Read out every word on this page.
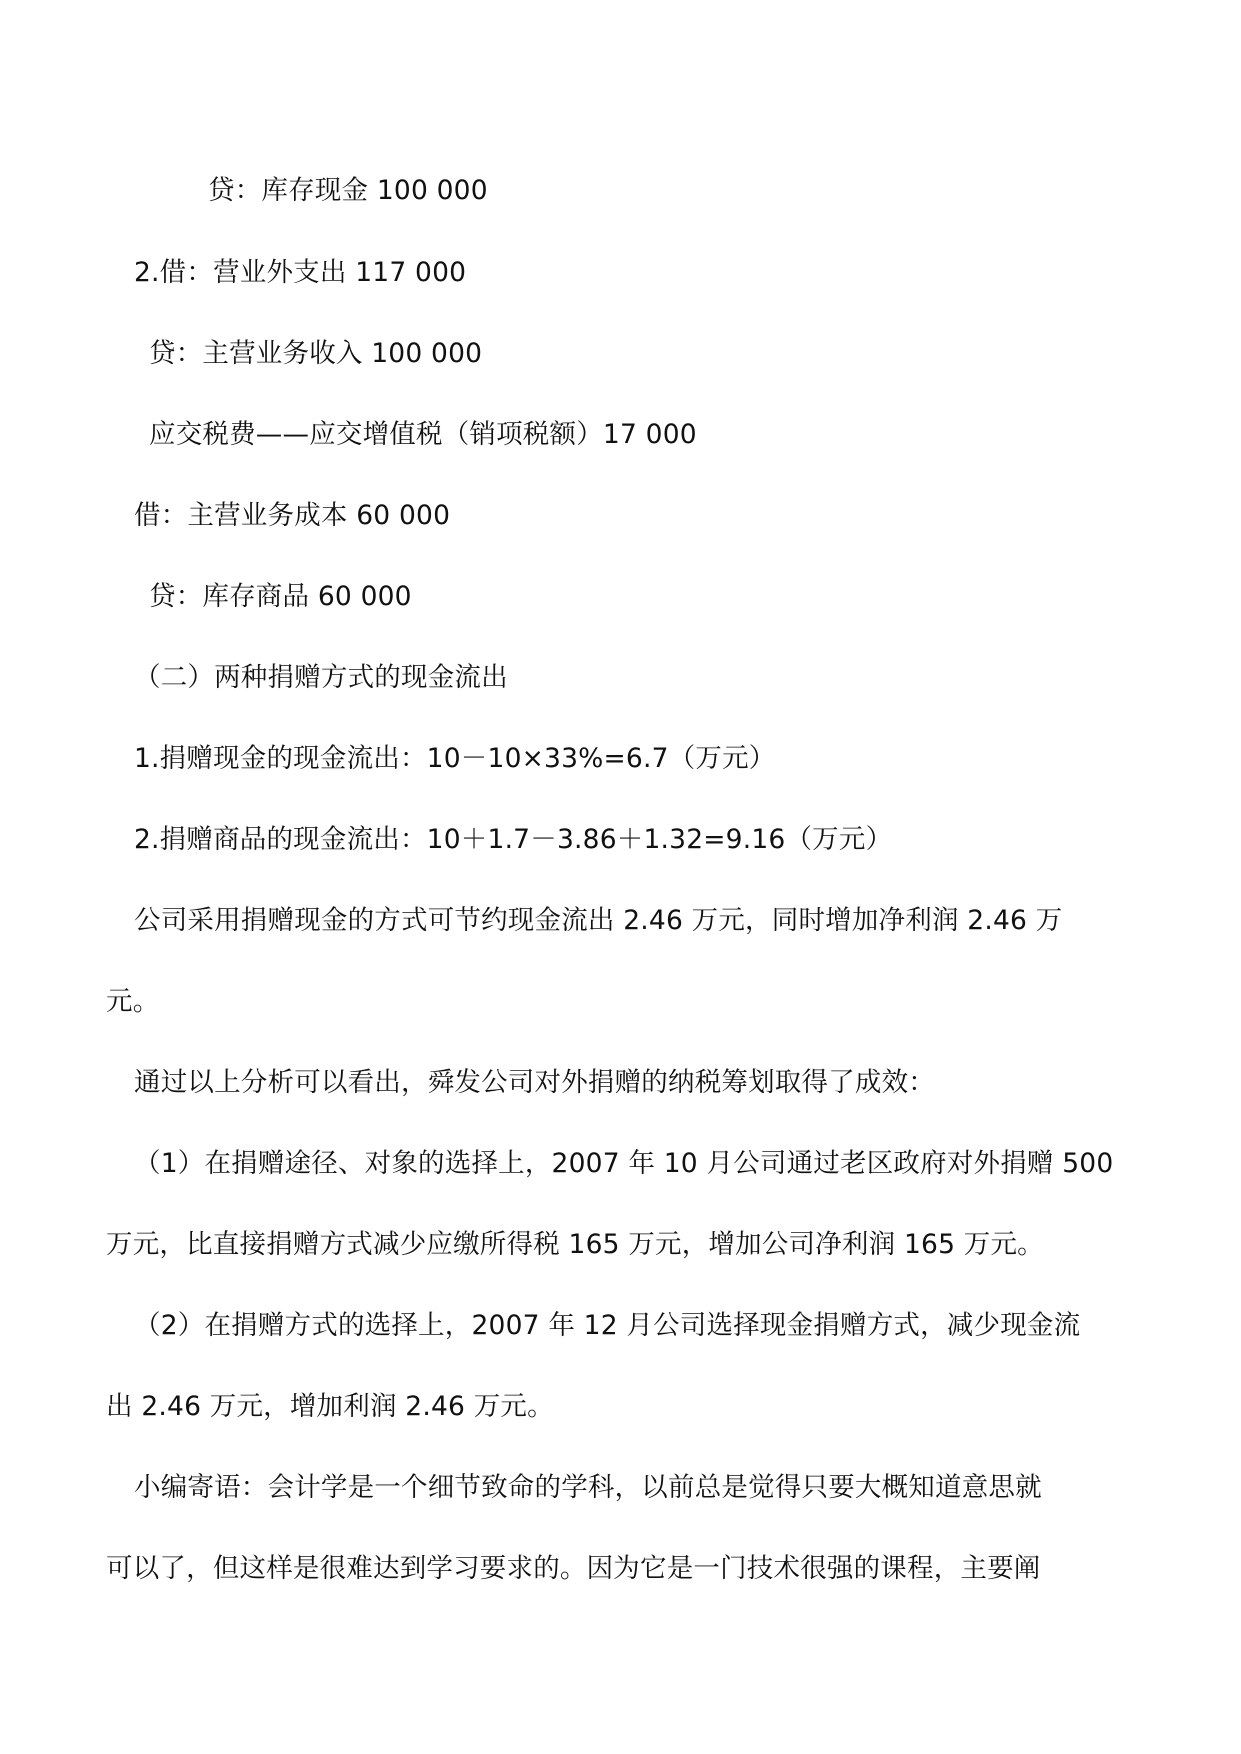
贷：库存现金 100 000

2.借：营业外支出 117 000

贷：主营业务收入 100 000

应交税费——应交增值税（销项税额）17 000

借：主营业务成本 60 000

贷：库存商品 60 000

（二）两种捐赠方式的现金流出

1.捐赠现金的现金流出：10－10×33%=6.7（万元）

2.捐赠商品的现金流出：10＋1.7－3.86＋1.32=9.16（万元）

公司采用捐赠现金的方式可节约现金流出 2.46 万元，同时增加净利润 2.46 万

元。

通过以上分析可以看出，舜发公司对外捐赠的纳税筹划取得了成效：

（1）在捐赠途径、对象的选择上，2007 年 10 月公司通过老区政府对外捐赠 500

万元，比直接捐赠方式减少应缴所得税 165 万元，增加公司净利润 165 万元。

（2）在捐赠方式的选择上，2007 年 12 月公司选择现金捐赠方式，减少现金流

出 2.46 万元，增加利润 2.46 万元。

小编寄语：会计学是一个细节致命的学科，以前总是觉得只要大概知道意思就

可以了，但这样是很难达到学习要求的。因为它是一门技术很强的课程，主要阐
